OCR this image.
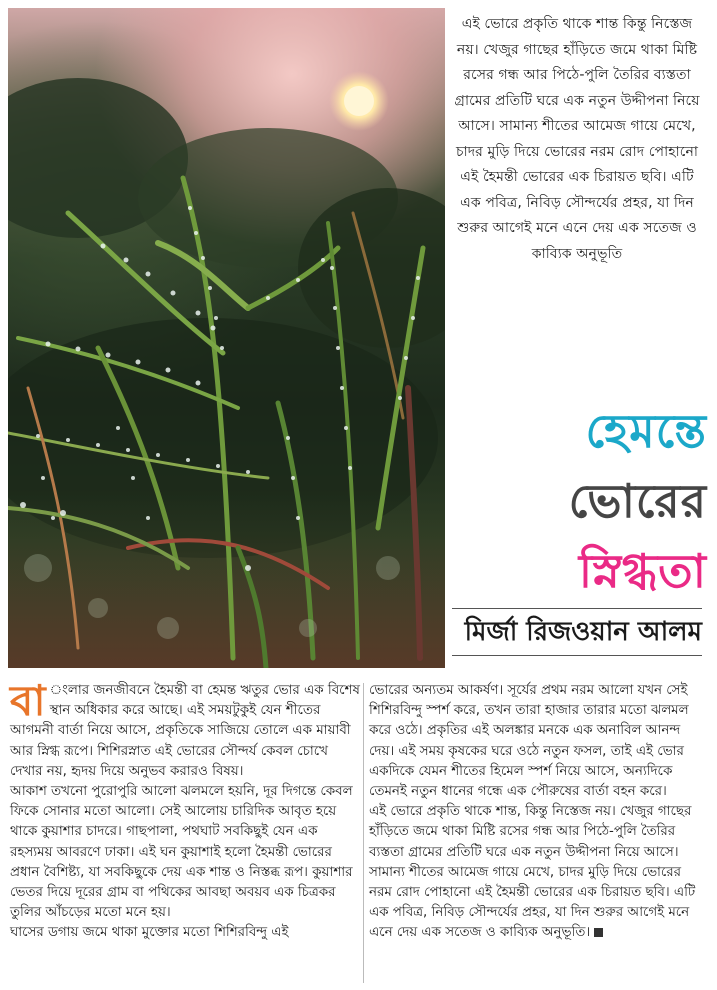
এই ভোরে প্রকৃতি থাকে শান্ত কিন্তু নিস্তেজ নয়। খেজুর গাছের হাঁড়িতে জমে থাকা মিষ্টি রসের গন্ধ আর পিঠে-পুলি তৈরির ব্যস্ততা গ্রামের প্রতিটি ঘরে এক নতুন উদ্দীপনা নিয়ে আসে। সামান্য শীতের আমেজ গায়ে মেখে, চাদর মুড়ি দিয়ে ভোরের নরম রোদ পোহানো এই হৈমন্তী ভোরের এক চিরায়ত ছবি। এটি এক পবিত্র, নিবিড় সৌন্দর্যের প্রহর, যা দিন শুরুর আগেই মনে এনে দেয় এক সতেজ ও কাব্যিক অনুভূতি
হেমন্তে
ভোরের
স্নিগ্ধতা
মির্জা রিজওয়ান আলম
বা ংলার জনজীবনে হৈমন্তী বা হেমন্ত ঋতুর ভোর এক বিশেষ স্থান অধিকার করে আছে। এই সময়টুকুই যেন শীতের আগমনী বার্তা নিয়ে আসে, প্রকৃতিকে সাজিয়ে তোলে এক মায়াবী আর স্নিগ্ধ রূপে। শিশিরস্নাত এই ভোরের সৌন্দর্য কেবল চোখে দেখার নয়, হৃদয় দিয়ে অনুভব করারও বিষয়।
আকাশ তখনো পুরোপুরি আলো ঝলমলে হয়নি, দূর দিগন্তে কেবল ফিকে সোনার মতো আলো। সেই আলোয় চারিদিক আবৃত হয়ে থাকে কুয়াশার চাদরে। গাছপালা, পথঘাট সবকিছুই যেন এক রহস্যময় আবরণে ঢাকা। এই ঘন কুয়াশাই হলো হৈমন্তী ভোরের প্রধান বৈশিষ্ট্য, যা সবকিছুকে দেয় এক শান্ত ও নিস্তব্ধ রূপ। কুয়াশার ভেতর দিয়ে দূরের গ্রাম বা পথিকের আবছা অবয়ব এক চিত্রকর তুলির আঁচড়ের মতো মনে হয়।
ঘাসের ডগায় জমে থাকা মুক্তোর মতো শিশিরবিন্দু এই
ভোরের অন্যতম আকর্ষণ। সূর্যের প্রথম নরম আলো যখন সেই শিশিরবিন্দু স্পর্শ করে, তখন তারা হাজার তারার মতো ঝলমল করে ওঠে। প্রকৃতির এই অলঙ্কার মনকে এক অনাবিল আনন্দ দেয়। এই সময় কৃষকের ঘরে ওঠে নতুন ফসল, তাই এই ভোর একদিকে যেমন শীতের হিমেল স্পর্শ নিয়ে আসে, অন্যদিকে তেমনই নতুন ধানের গন্ধে এক পৌরুষের বার্তা বহন করে।
এই ভোরে প্রকৃতি থাকে শান্ত, কিন্তু নিস্তেজ নয়। খেজুর গাছের হাঁড়িতে জমে থাকা মিষ্টি রসের গন্ধ আর পিঠে-পুলি তৈরির ব্যস্ততা গ্রামের প্রতিটি ঘরে এক নতুন উদ্দীপনা নিয়ে আসে। সামান্য শীতের আমেজ গায়ে মেখে, চাদর মুড়ি দিয়ে ভোরের নরম রোদ পোহানো এই হৈমন্তী ভোরের এক চিরায়ত ছবি। এটি এক পবিত্র, নিবিড় সৌন্দর্যের প্রহর, যা দিন শুরুর আগেই মনে এনে দেয় এক সতেজ ও কাব্যিক অনুভূতি।
